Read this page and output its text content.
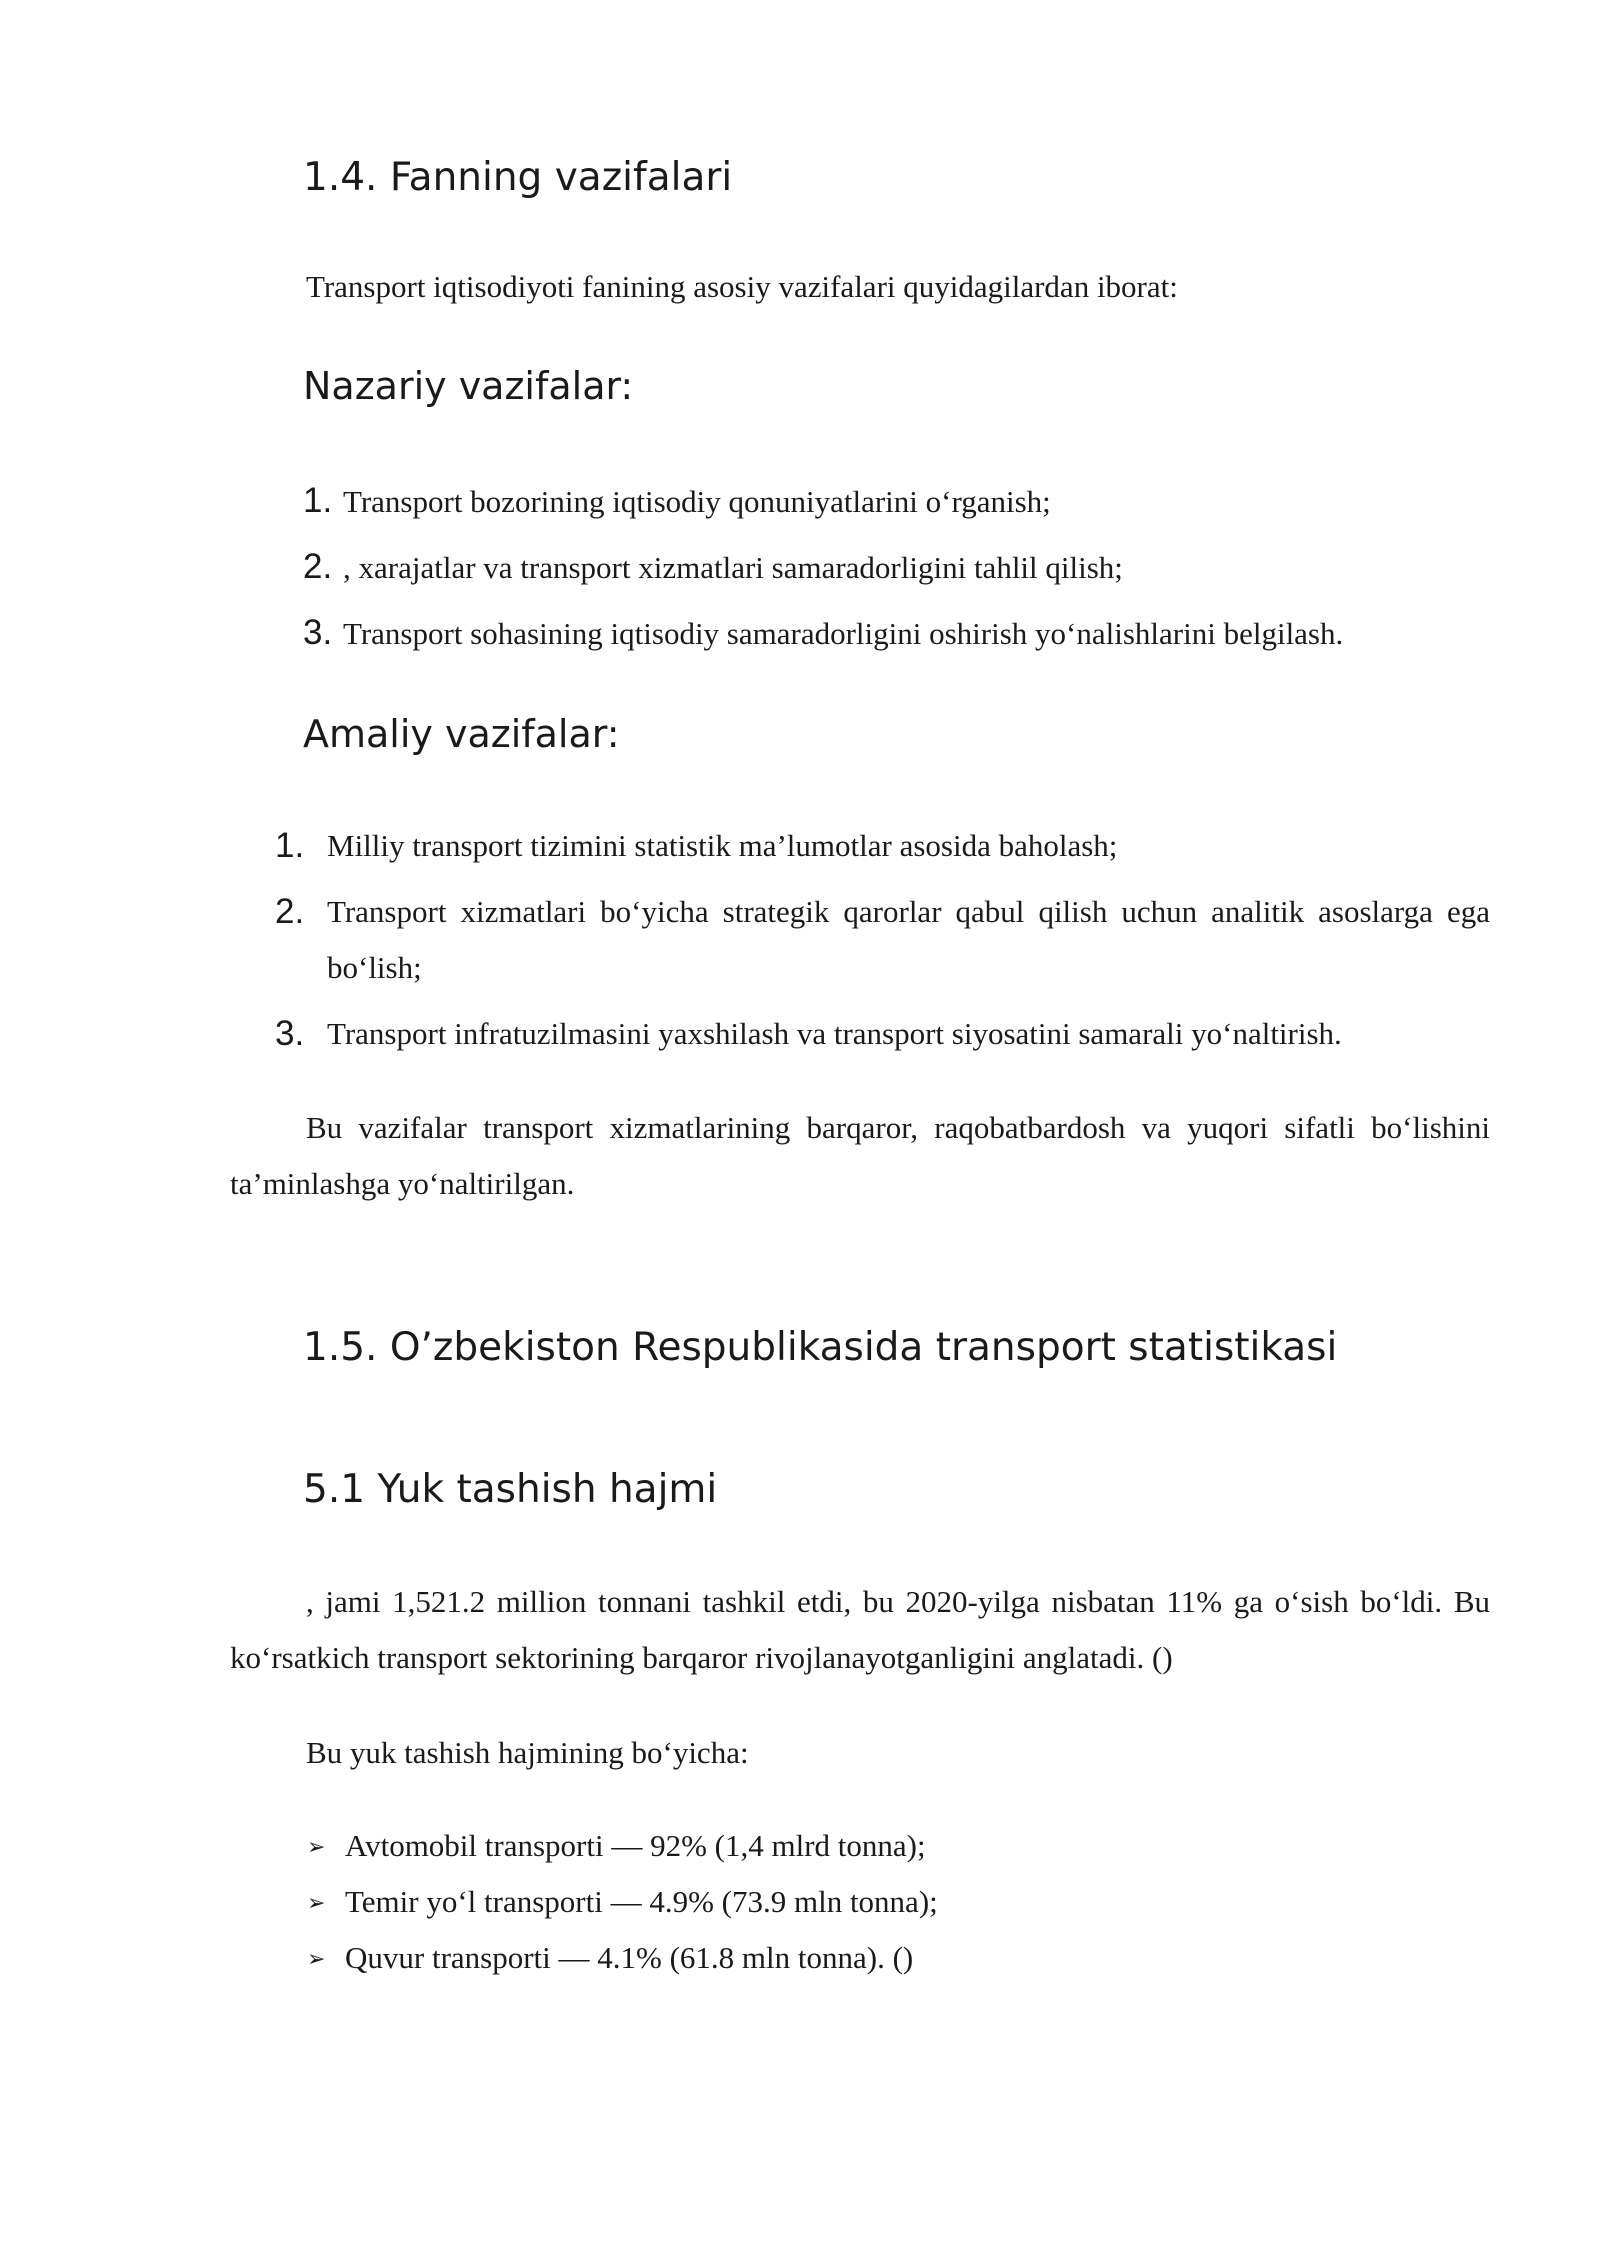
1.4. Fanning vazifalari

Transport iqtisodiyoti fanining asosiy vazifalari quyidagilardan iborat:

Nazariy vazifalar:
1. Transport bozorining iqtisodiy qonuniyatlarini o‘rganish;
2. , xarajatlar va transport xizmatlari samaradorligini tahlil qilish;
3. Transport sohasining iqtisodiy samaradorligini oshirish yo‘nalishlarini belgilash.
Amaliy vazifalar:
1. Milliy transport tizimini statistik ma’lumotlar asosida baholash;
2. Transport xizmatlari bo‘yicha strategik qarorlar qabul qilish uchun analitik asoslarga ega bo‘lish;
3. Transport infratuzilmasini yaxshilash va transport siyosatini samarali yo‘naltirish.

Bu vazifalar transport xizmatlarining barqaror, raqobatbardosh va yuqori sifatli bo‘lishini ta’minlashga yo‘naltirilgan.

1.5. O’zbekiston Respublikasida transport statistikasi
5.1 Yuk tashish hajmi

, jami 1,521.2 million tonnani tashkil etdi, bu 2020-yilga nisbatan 11% ga o‘sish bo‘ldi. Bu ko‘rsatkich transport sektorining barqaror rivojlanayotganligini anglatadi. ()

Bu yuk tashish hajmining bo‘yicha:

➢ Avtomobil transporti — 92% (1,4 mlrd tonna);
➢ Temir yo‘l transporti — 4.9% (73.9 mln tonna);
➢ Quvur transporti — 4.1% (61.8 mln tonna). ()
